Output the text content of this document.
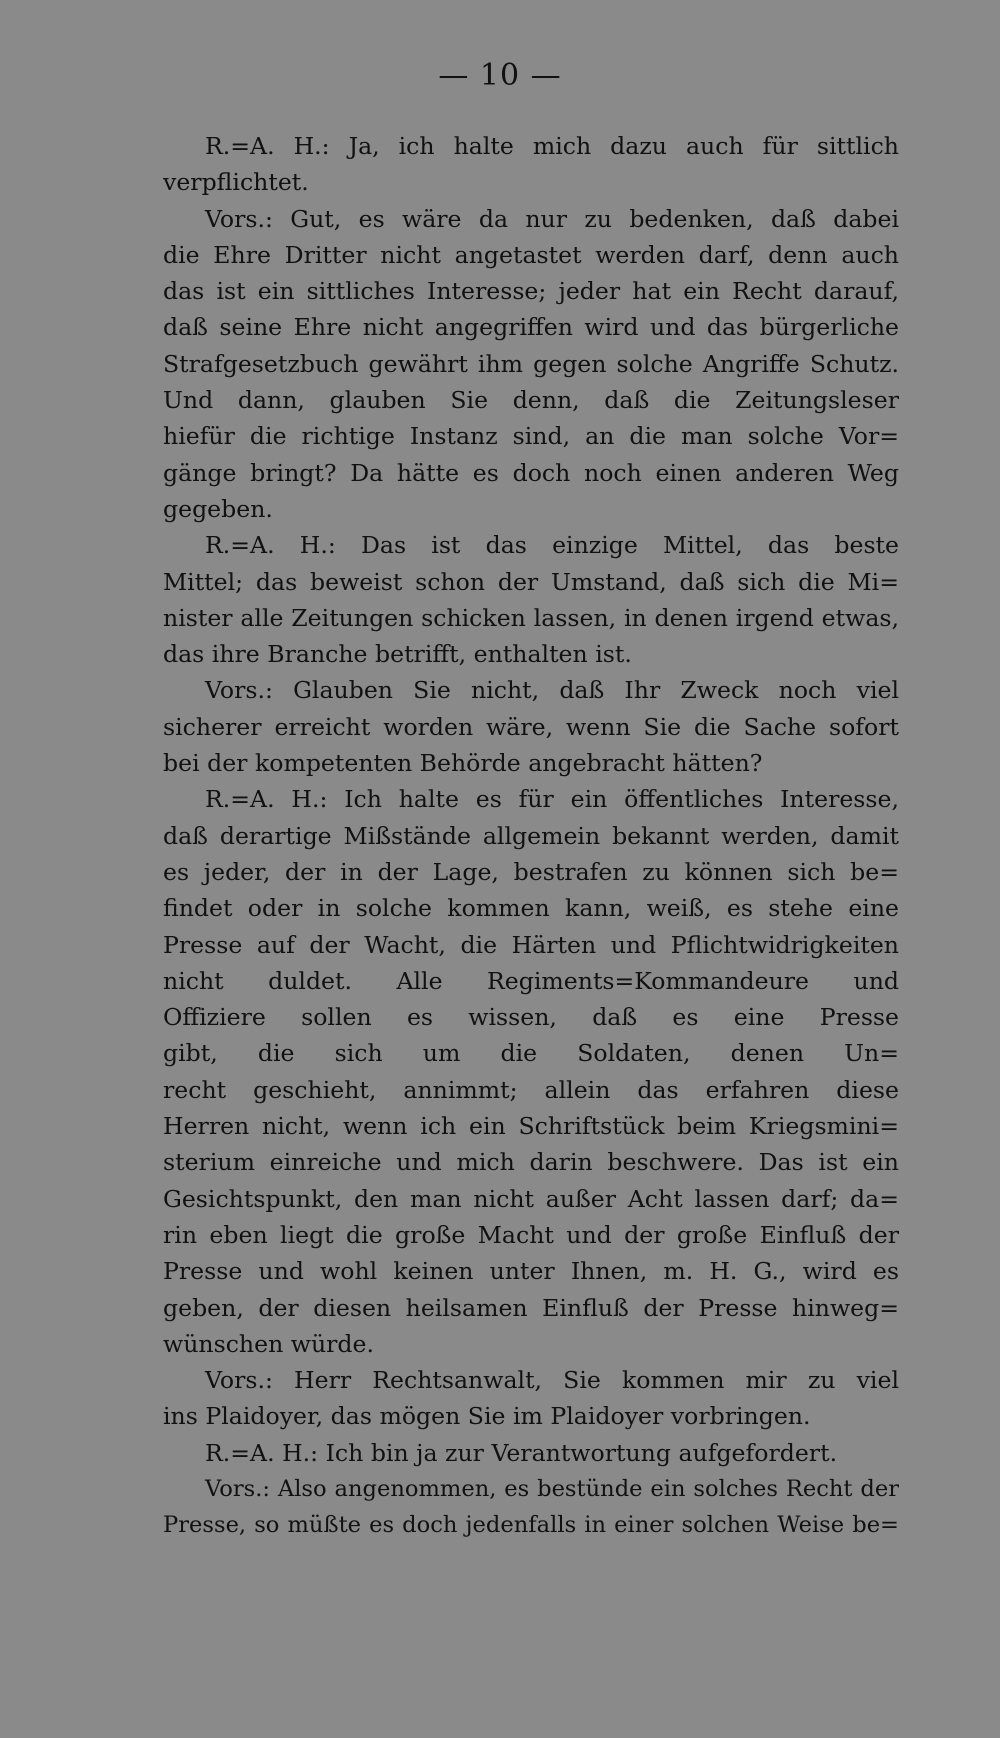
— 10 —
R.=A. H.: Ja, ich halte mich dazu auch für sittlich
verpflichtet.
Vors.: Gut, es wäre da nur zu bedenken, daß dabei
die Ehre Dritter nicht angetastet werden darf, denn auch
das ist ein sittliches Interesse; jeder hat ein Recht darauf,
daß seine Ehre nicht angegriffen wird und das bürgerliche
Strafgesetzbuch gewährt ihm gegen solche Angriffe Schutz.
Und dann, glauben Sie denn, daß die Zeitungsleser
hiefür die richtige Instanz sind, an die man solche Vor=
gänge bringt? Da hätte es doch noch einen anderen Weg
gegeben.
R.=A. H.: Das ist das einzige Mittel, das beste
Mittel; das beweist schon der Umstand, daß sich die Mi=
nister alle Zeitungen schicken lassen, in denen irgend etwas,
das ihre Branche betrifft, enthalten ist.
Vors.: Glauben Sie nicht, daß Ihr Zweck noch viel
sicherer erreicht worden wäre, wenn Sie die Sache sofort
bei der kompetenten Behörde angebracht hätten?
R.=A. H.: Ich halte es für ein öffentliches Interesse,
daß derartige Mißstände allgemein bekannt werden, damit
es jeder, der in der Lage, bestrafen zu können sich be=
findet oder in solche kommen kann, weiß, es stehe eine
Presse auf der Wacht, die Härten und Pflichtwidrigkeiten
nicht duldet. Alle Regiments=Kommandeure und
Offiziere sollen es wissen, daß es eine Presse
gibt, die sich um die Soldaten, denen Un=
recht geschieht, annimmt; allein das erfahren diese
Herren nicht, wenn ich ein Schriftstück beim Kriegsmini=
sterium einreiche und mich darin beschwere. Das ist ein
Gesichtspunkt, den man nicht außer Acht lassen darf; da=
rin eben liegt die große Macht und der große Einfluß der
Presse und wohl keinen unter Ihnen, m. H. G., wird es
geben, der diesen heilsamen Einfluß der Presse hinweg=
wünschen würde.
Vors.: Herr Rechtsanwalt, Sie kommen mir zu viel
ins Plaidoyer, das mögen Sie im Plaidoyer vorbringen.
R.=A. H.: Ich bin ja zur Verantwortung aufgefordert.
Vors.: Also angenommen, es bestünde ein solches Recht der
Presse, so müßte es doch jedenfalls in einer solchen Weise be=
